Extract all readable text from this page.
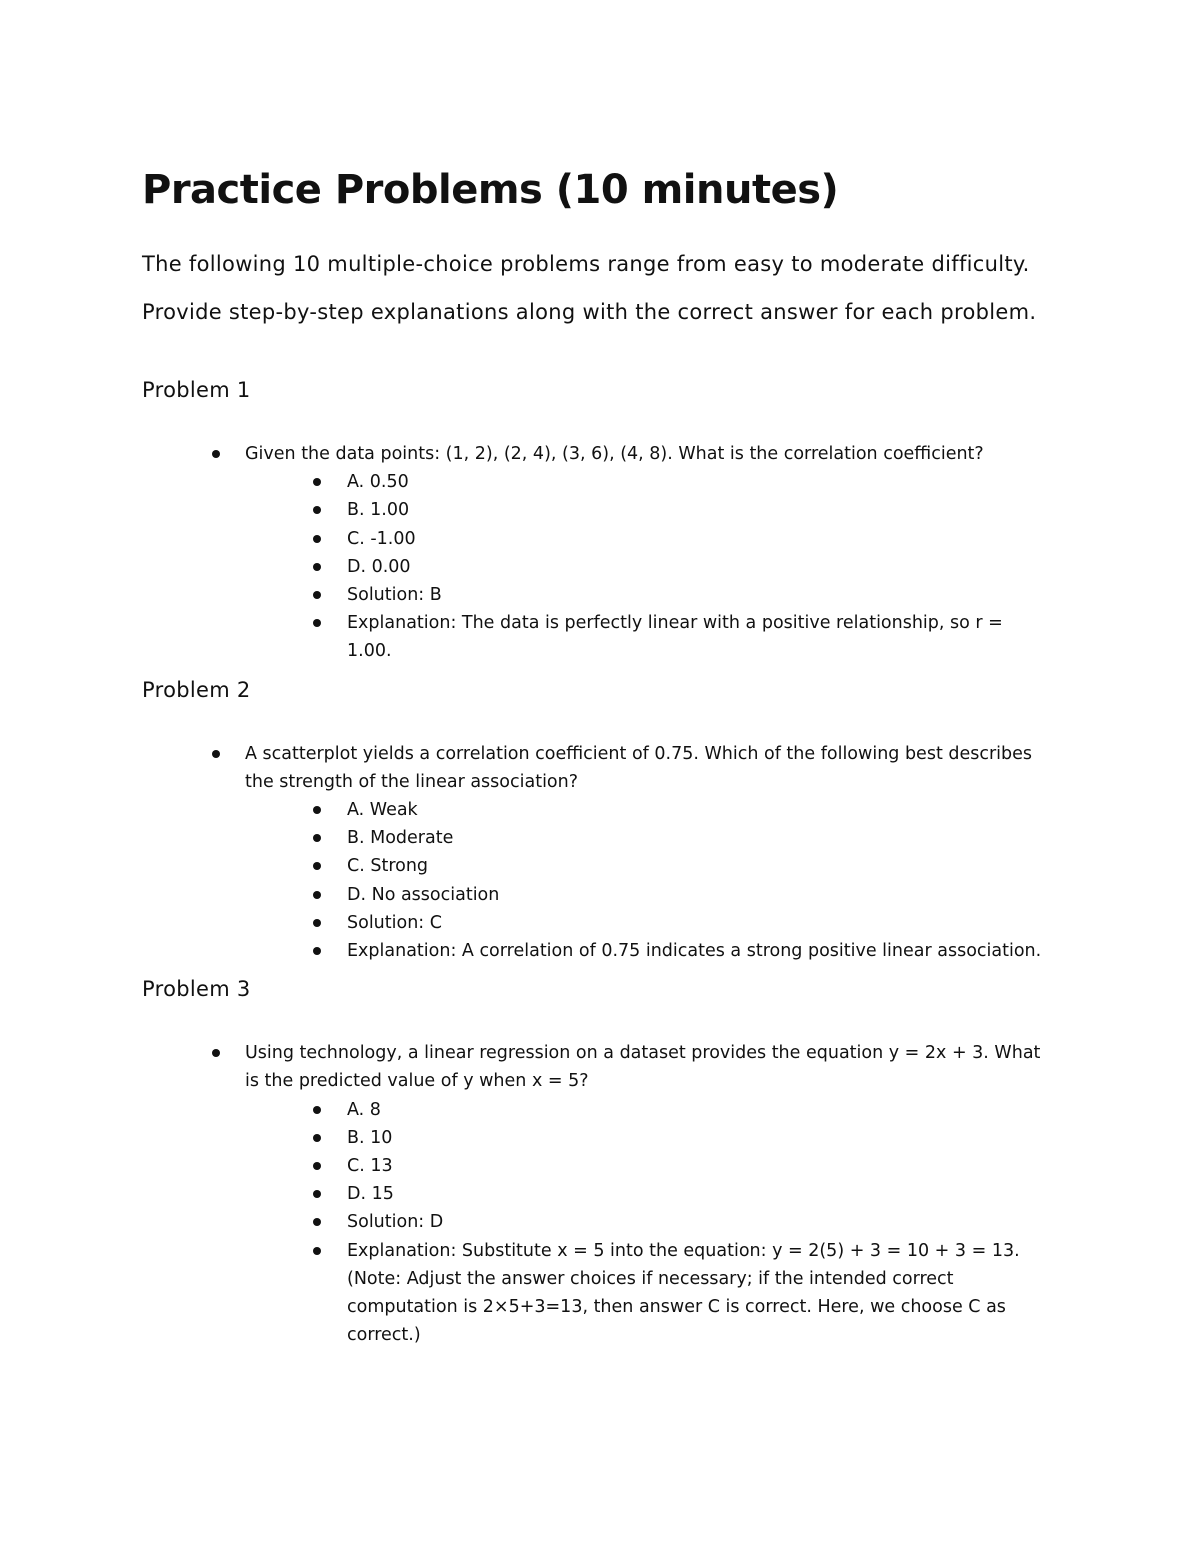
Practice Problems (10 minutes)

The following 10 multiple-choice problems range from easy to moderate difficulty. Provide step-by-step explanations along with the correct answer for each problem.

Problem 1
Given the data points: (1, 2), (2, 4), (3, 6), (4, 8). What is the correlation coefficient?
A. 0.50
B. 1.00
C. -1.00
D. 0.00
Solution: B
Explanation: The data is perfectly linear with a positive relationship, so r = 1.00.
Problem 2
A scatterplot yields a correlation coefficient of 0.75. Which of the following best describes the strength of the linear association?
A. Weak
B. Moderate
C. Strong
D. No association
Solution: C
Explanation: A correlation of 0.75 indicates a strong positive linear association.
Problem 3
Using technology, a linear regression on a dataset provides the equation y = 2x + 3. What is the predicted value of y when x = 5?
A. 8
B. 10
C. 13
D. 15
Solution: D
Explanation: Substitute x = 5 into the equation: y = 2(5) + 3 = 10 + 3 = 13. (Note: Adjust the answer choices if necessary; if the intended correct computation is 2×5+3=13, then answer C is correct. Here, we choose C as correct.)
